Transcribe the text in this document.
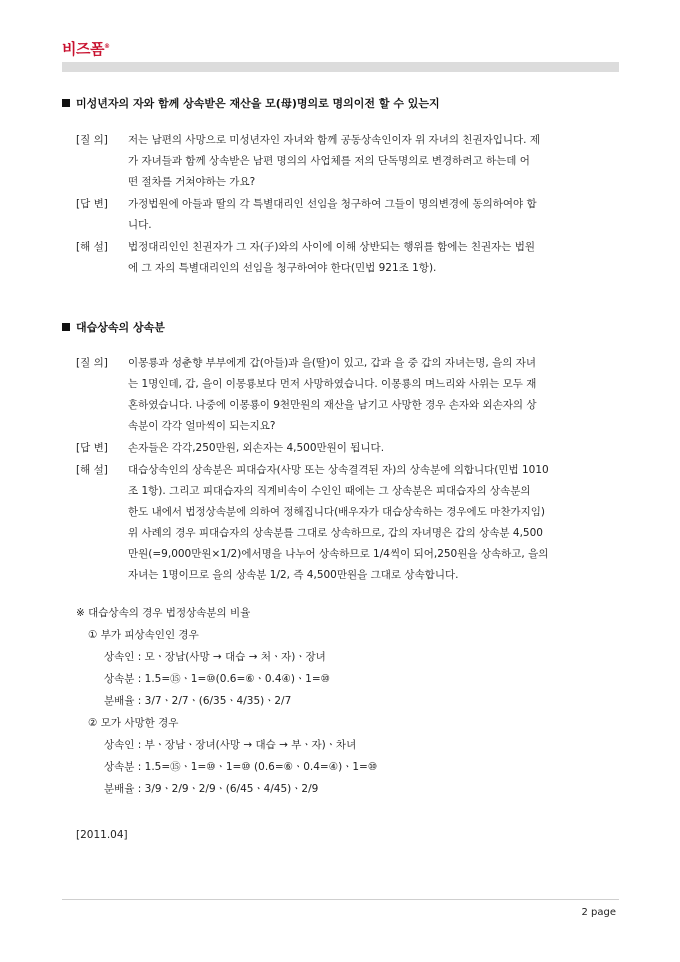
비즈폼®
미성년자의 자와 함께 상속받은 재산을 모(母)명의로 명의이전 할 수 있는지
[질 의]	저는 남편의 사망으로 미성년자인 자녀와 함께 공동상속인이자 위 자녀의 친권자입니다. 제
가 자녀들과 함께 상속받은 남편 명의의 사업체를 저의 단독명의로 변경하려고 하는데 어
떤 절차를 거쳐야하는 가요?
[답 변]	가정법원에 아들과 딸의 각 특별대리인 선임을 청구하여 그들이 명의변경에 동의하여야 합
니다.
[해 설]	법정대리인인 친권자가 그 자(子)와의 사이에 이해 상반되는 행위를 함에는 친권자는 법원
에 그 자의 특별대리인의 선임을 청구하여야 한다(민법 921조 1항).
대습상속의 상속분
[질 의]	이몽룡과 성춘향 부부에게 갑(아들)과 을(딸)이 있고, 갑과 을 중 갑의 자녀는명, 을의 자녀
는 1명인데, 갑, 을이 이몽룡보다 먼저 사망하였습니다. 이몽룡의 며느리와 사위는 모두 재
혼하였습니다. 나중에 이몽룡이 9천만원의 재산을 남기고 사망한 경우 손자와 외손자의 상
속분이 각각 얼마씩이 되는지요?
[답 변]	손자들은 각각,250만원, 외손자는 4,500만원이 됩니다.
[해 설]	대습상속인의 상속분은 피대습자(사망 또는 상속결격된 자)의 상속분에 의합니다(민법 1010
조 1항). 그리고 피대습자의 직계비속이 수인인 때에는 그 상속분은 피대습자의 상속분의
한도 내에서 법정상속분에 의하여 정해집니다(배우자가 대습상속하는 경우에도 마찬가지임)
위 사례의 경우 피대습자의 상속분를 그대로 상속하므로, 갑의 자녀명은 갑의 상속분 4,500
만원(=9,000만원×1/2)에서명을 나누어 상속하므로 1/4씩이 되어,250원을 상속하고, 을의
자녀는 1명이므로 을의 상속분 1/2, 즉 4,500만원을 그대로 상속합니다.
※ 대습상속의 경우 법정상속분의 비율
① 부가 피상속인인 경우
상속인 : 모ㆍ장남(사망 → 대습 → 처ㆍ자)ㆍ장녀
상속분 : 1.5=⑮ㆍ1=⑩(0.6=⑥ㆍ0.4④)ㆍ1=⑩
분배율 : 3/7ㆍ2/7ㆍ(6/35ㆍ4/35)ㆍ2/7
② 모가 사망한 경우
상속인 : 부ㆍ장남ㆍ장녀(사망 → 대습 → 부ㆍ자)ㆍ차녀
상속분 : 1.5=⑮ㆍ1=⑩ㆍ1=⑩ (0.6=⑥ㆍ0.4=④)ㆍ1=⑩
분배율 : 3/9ㆍ2/9ㆍ2/9ㆍ(6/45ㆍ4/45)ㆍ2/9
[2011.04]
2 page
